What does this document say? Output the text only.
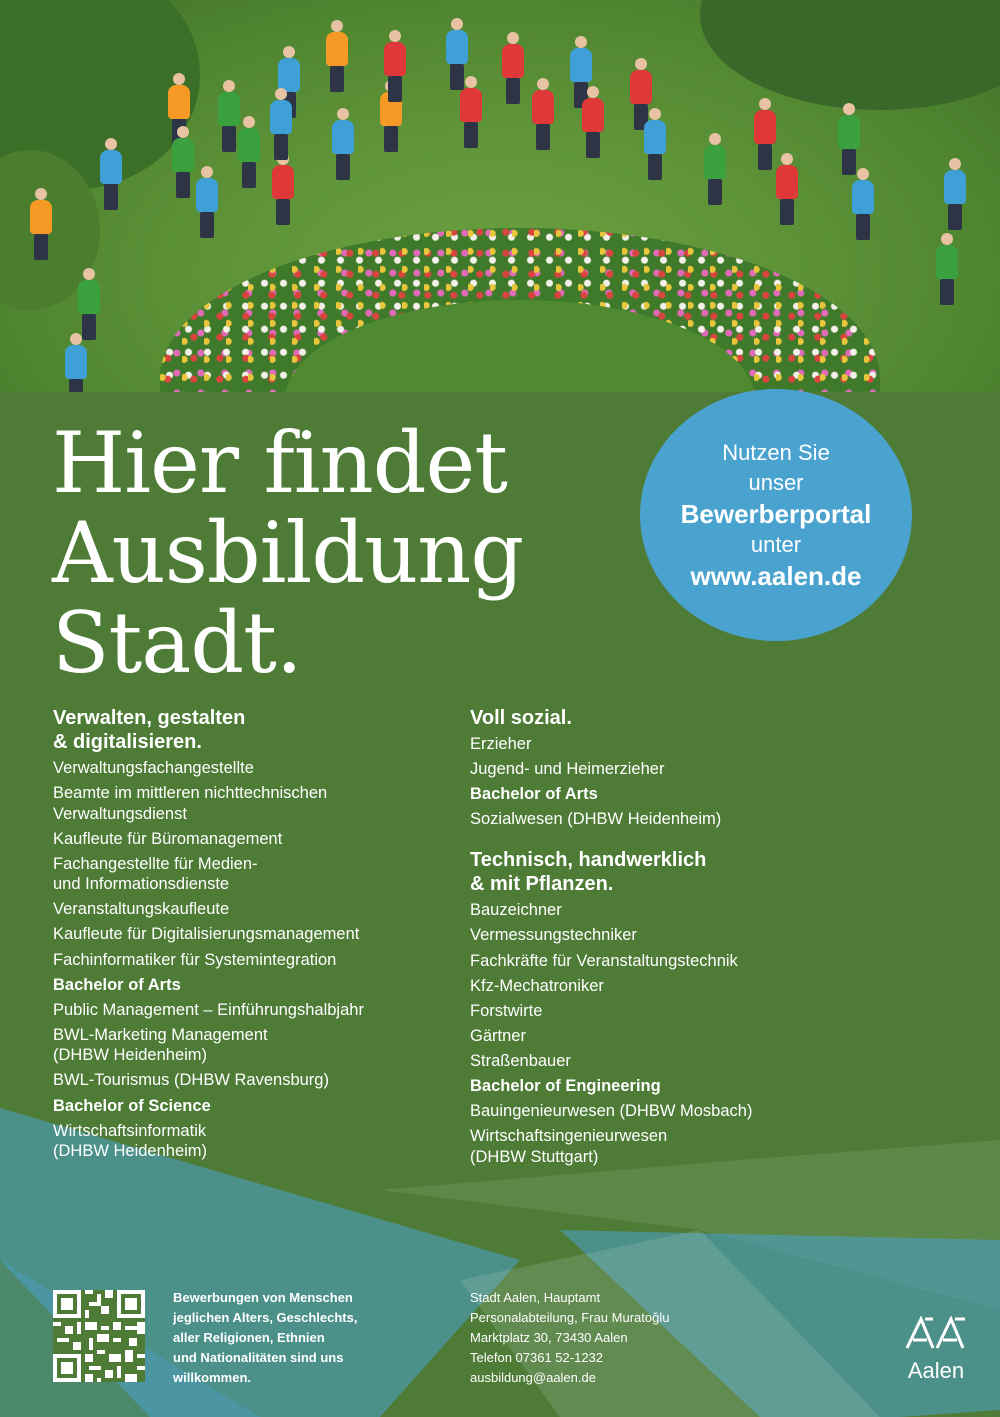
Hier findet
Ausbildung
Stadt.
Nutzen Sie
unser
Bewerberportal
unter
www.aalen.de
Verwalten, gestalten
& digitalisieren.
Verwaltungsfachangestellte
Beamte im mittleren nichttechnischen
Verwaltungsdienst
Kaufleute für Büromanagement
Fachangestellte für Medien-
und Informationsdienste
Veranstaltungskaufleute
Kaufleute für Digitalisierungsmanagement
Fachinformatiker für Systemintegration
Bachelor of Arts
Public Management – Einführungshalbjahr
BWL-Marketing Management
(DHBW Heidenheim)
BWL-Tourismus (DHBW Ravensburg)
Bachelor of Science
Wirtschaftsinformatik
(DHBW Heidenheim)
Voll sozial.
Erzieher
Jugend- und Heimerzieher
Bachelor of Arts
Sozialwesen (DHBW Heidenheim)
Technisch, handwerklich
& mit Pflanzen.
Bauzeichner
Vermessungstechniker
Fachkräfte für Veranstaltungstechnik
Kfz-Mechatroniker
Forstwirte
Gärtner
Straßenbauer
Bachelor of Engineering
Bauingenieurwesen (DHBW Mosbach)
Wirtschaftsingenieurwesen
(DHBW Stuttgart)
Bewerbungen von Menschen
jeglichen Alters, Geschlechts,
aller Religionen, Ethnien
und Nationalitäten sind uns
willkommen.
Stadt Aalen, Hauptamt
Personalabteilung, Frau Muratoğlu
Marktplatz 30, 73430 Aalen
Telefon 07361 52-1232
ausbildung@aalen.de	Aalen
